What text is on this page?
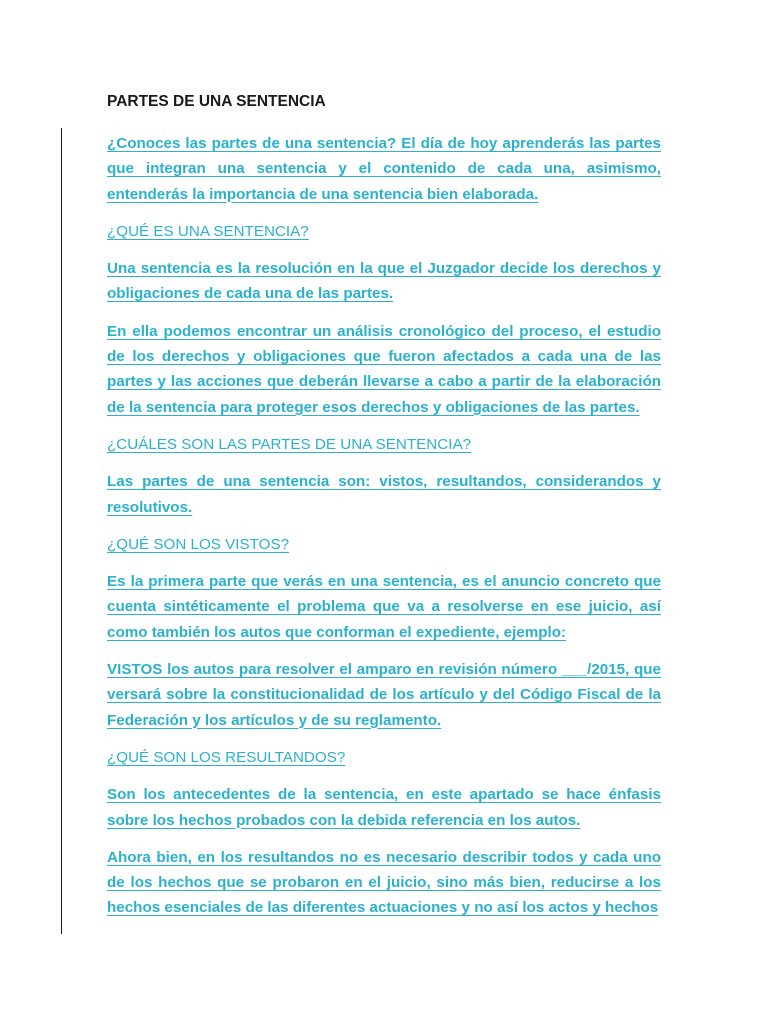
PARTES DE UNA SENTENCIA

¿Conoces las partes de una sentencia? El día de hoy aprenderás las partes que integran una sentencia y el contenido de cada una, asimismo, entenderás la importancia de una sentencia bien elaborada.

¿QUÉ ES UNA SENTENCIA?

Una sentencia es la resolución en la que el Juzgador decide los derechos y obligaciones de cada una de las partes.

En ella podemos encontrar un análisis cronológico del proceso, el estudio de los derechos y obligaciones que fueron afectados a cada una de las partes y las acciones que deberán llevarse a cabo a partir de la elaboración de la sentencia para proteger esos derechos y obligaciones de las partes.

¿CUÁLES SON LAS PARTES DE UNA SENTENCIA?

Las partes de una sentencia son: vistos, resultandos, considerandos y resolutivos.

¿QUÉ SON LOS VISTOS?

Es la primera parte que verás en una sentencia, es el anuncio concreto que cuenta sintéticamente el problema que va a resolverse en ese juicio, así como también los autos que conforman el expediente, ejemplo:

VISTOS los autos para resolver el amparo en revisión número ___/2015, que versará sobre la constitucionalidad de los artículo y del Código Fiscal de la Federación y los artículos y de su reglamento.

¿QUÉ SON LOS RESULTANDOS?

Son los antecedentes de la sentencia, en este apartado se hace énfasis sobre los hechos probados con la debida referencia en los autos.

Ahora bien, en los resultandos no es necesario describir todos y cada uno de los hechos que se probaron en el juicio, sino más bien, reducirse a los hechos esenciales de las diferentes actuaciones y no así los actos y hechos
